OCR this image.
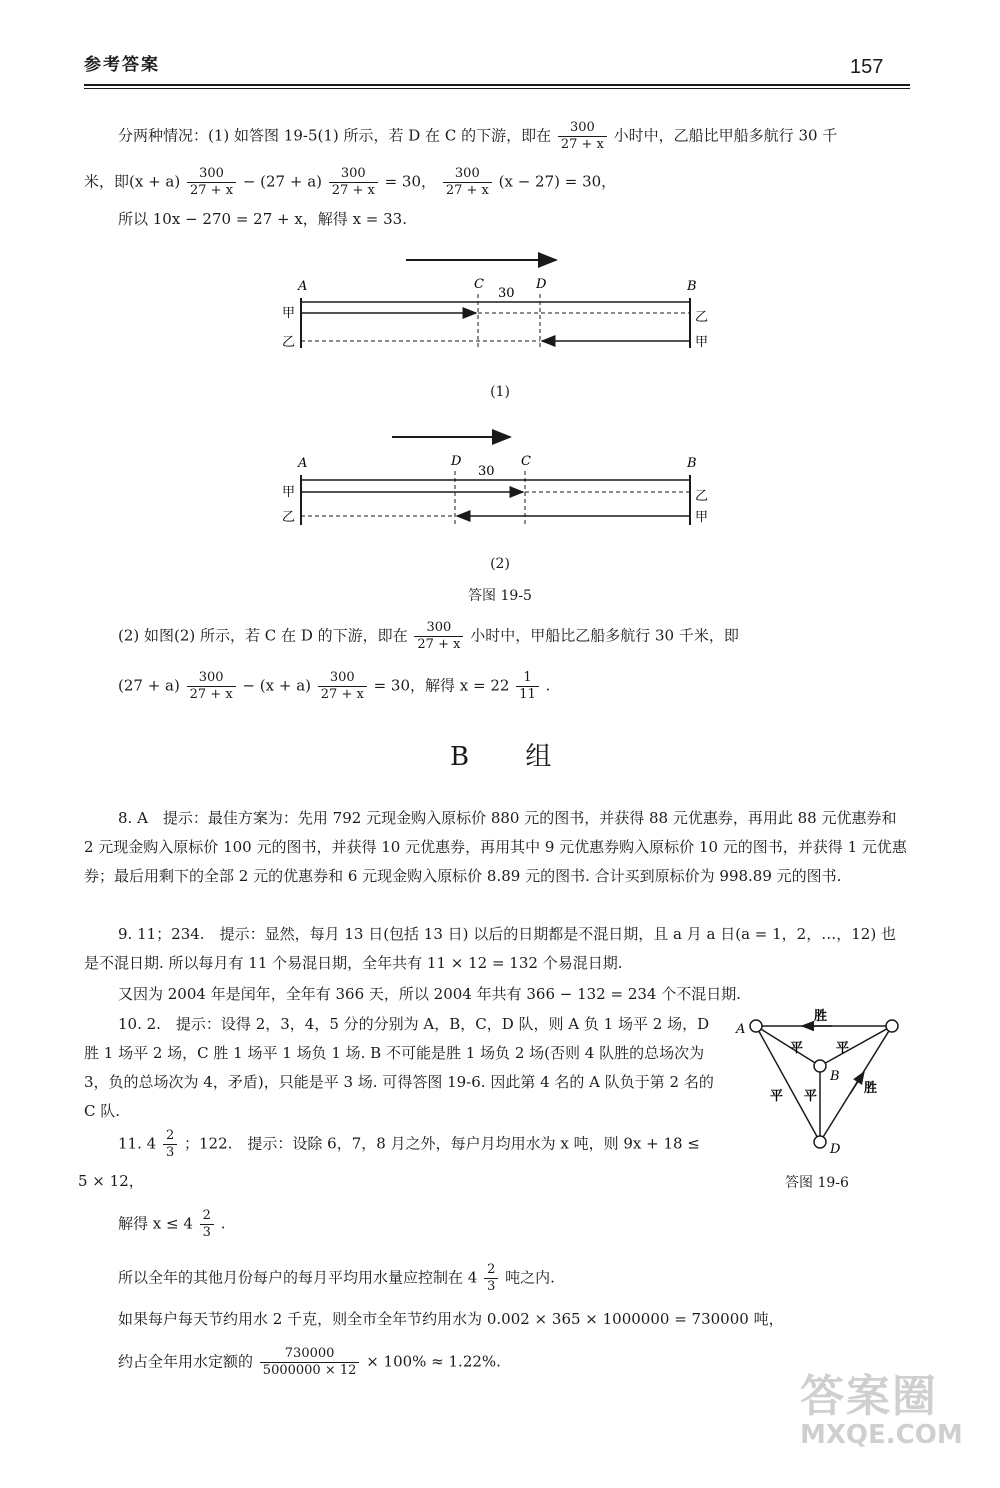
参考答案	157
分两种情况：(1) 如答图 19-5(1) 所示，若 D 在 C 的下游，即在 $\frac{300}{27 + x}$ 小时中，乙船比甲船多航行 30 千
米，即$(x + a) \frac{300}{27 + x} - (27 + a) \frac{300}{27 + x} = 30$， $\frac{300}{27 + x} (x - 27) = 30$，
所以 10x − 270 = 27 + x，解得 x = 33.
A	C	D	B
30
甲
乙
乙
甲
(1)
A	D	C	B
30
甲
乙
乙
甲
(2)
答图 19-5
(2) 如图(2) 所示，若 C 在 D 的下游，即在 $\frac{300}{27 + x}$ 小时中，甲船比乙船多航行 30 千米，即
$(27 + a) \frac{300}{27 + x} - (x + a) \frac{300}{27 + x} = 30$，解得 $x = 22 \frac{1}{11}$ .
B 组
8. A　提示：最佳方案为：先用 792 元现金购入原标价 880 元的图书，并获得 88 元优惠券，再用此 88 元优惠券和 2 元现金购入原标价 100 元的图书，并获得 10 元优惠券，再用其中 9 元优惠券购入原标价 10 元的图书，并获得 1 元优惠券；最后用剩下的全部 2 元的优惠券和 6 元现金购入原标价 8.89 元的图书. 合计买到原标价为 998.89 元的图书.
9. 11；234.　提示：显然，每月 13 日(包括 13 日) 以后的日期都是不混日期，且 a 月 a 日(a = 1，2，…，12) 也是不混日期. 所以每月有 11 个易混日期，全年共有 11 × 12 = 132 个易混日期.
又因为 2004 年是闰年，全年有 366 天，所以 2004 年共有 366 − 132 = 234 个不混日期.
10. 2.　提示：设得 2，3，4，5 分的分别为 A，B，C，D 队，则 A 负 1 场平 2 场，D 胜 1 场平 2 场，C 胜 1 场平 1 场负 1 场. B 不可能是胜 1 场负 2 场(否则 4 队胜的总场次为 3，负的总场次为 4，矛盾)，只能是平 3 场. 可得答图 19-6. 因此第 4 名的 A 队负于第 2 名的 C 队.
A
B
D
胜
平	平
平 平
胜
答图 19-6
11. $4 \frac{2}{3}$ ；122.　提示：设除 6，7，8 月之外，每户月均用水为 x 吨，则 9x + 18 ≤
5 × 12，
解得 $x \le 4 \frac{2}{3}$ .
所以全年的其他月份每户的每月平均用水量应控制在 $4 \frac{2}{3}$ 吨之内.
如果每户每天节约用水 2 千克，则全市全年节约用水为 0.002 × 365 × 1000000 = 730000 吨，
约占全年用水定额的 $\frac{730000}{5000000 \times 12} \times 100\% \approx 1.22\%$.
答案圈
MXQE.COM
